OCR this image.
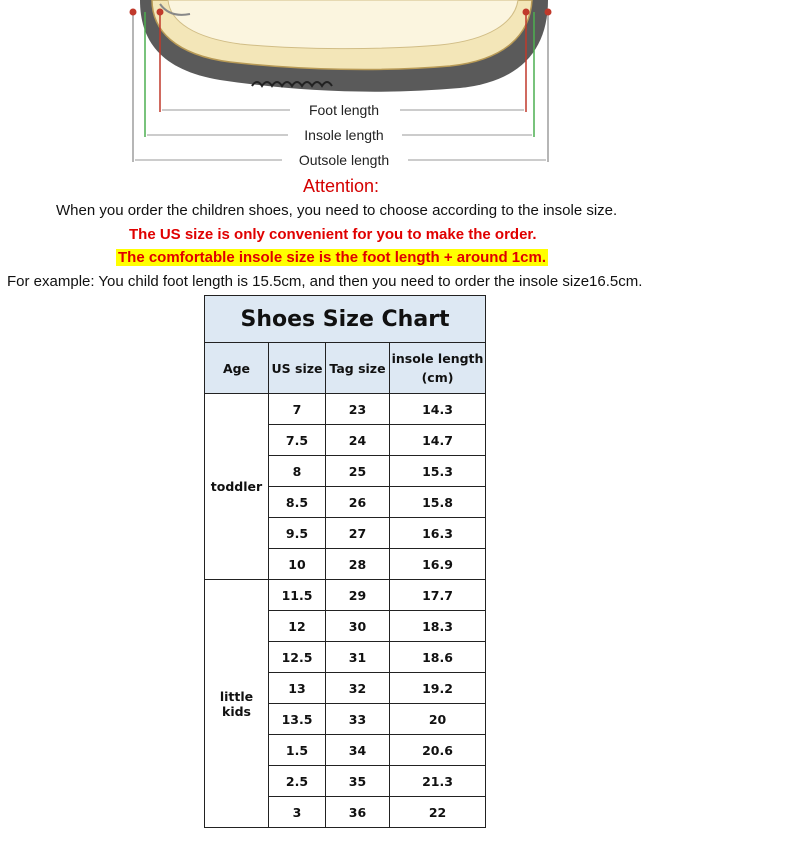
Foot length
Insole length
Outsole length
Attention:
When you order the children shoes, you need to choose according to the insole size.
The US size is only convenient for you to make the order.
The comfortable insole size is the foot length + around 1cm.
For example: You child foot length is 15.5cm, and then you need to order the insole size16.5cm.
Shoes Size Chart			
Age	US size	Tag size	insole length
(cm)
toddler	7	23	14.3
	7.5	24	14.7
	8	25	15.3
	8.5	26	15.8
	9.5	27	16.3
	10	28	16.9
little kids	11.5	29	17.7
	12	30	18.3
	12.5	31	18.6
	13	32	19.2
	13.5	33	20
	1.5	34	20.6
	2.5	35	21.3
	3	36	22
